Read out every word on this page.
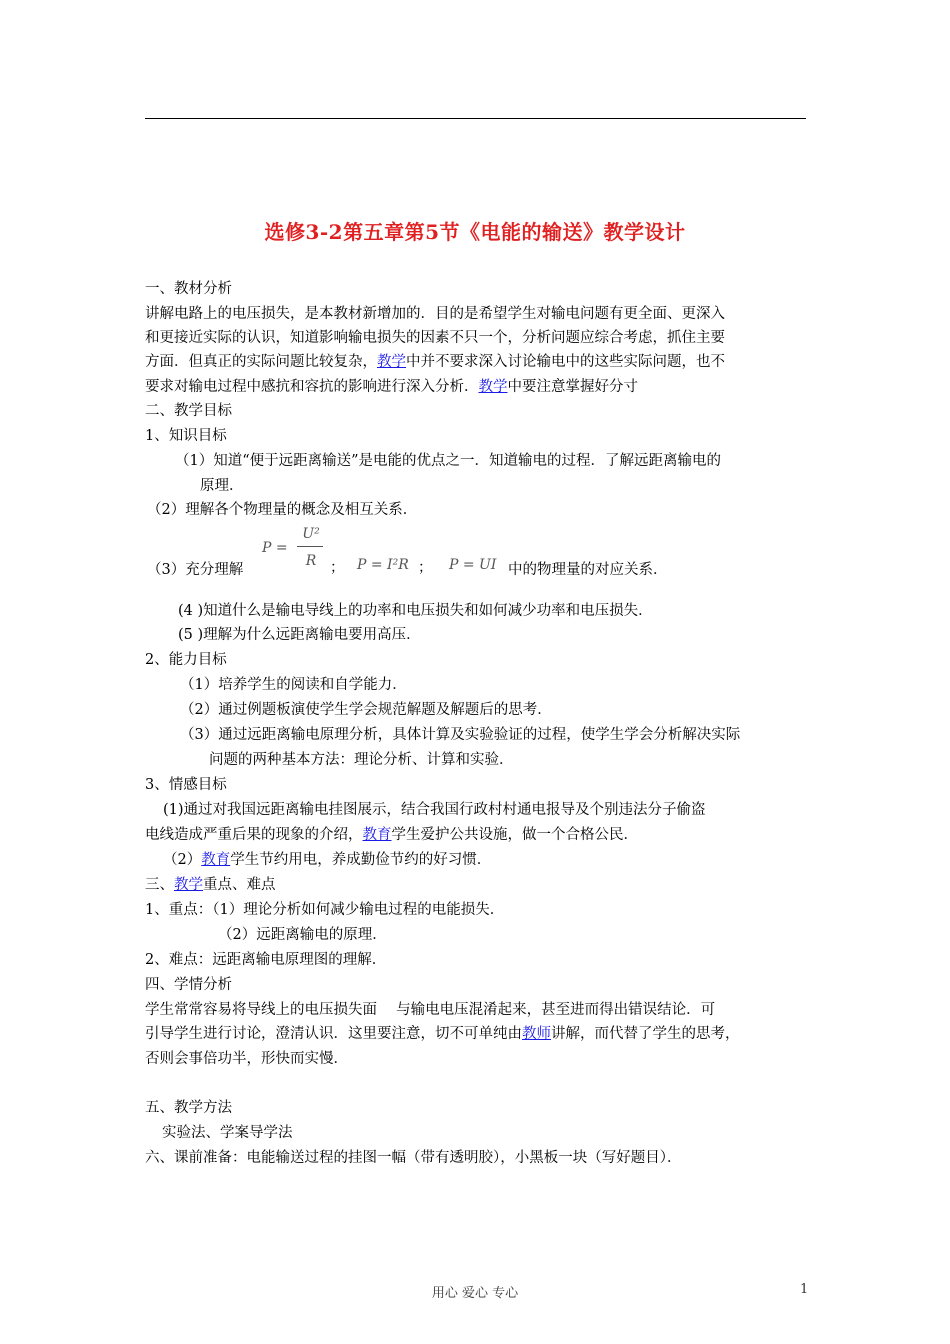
选修3-2第五章第5节《电能的输送》教学设计
一、教材分析
讲解电路上的电压损失，是本教材新增加的．目的是希望学生对输电问题有更全面、更深入
和更接近实际的认识，知道影响输电损失的因素不只一个，分析问题应综合考虑，抓住主要
方面．但真正的实际问题比较复杂，教学中并不要求深入讨论输电中的这些实际问题，也不
要求对输电过程中感抗和容抗的影响进行深入分析．教学中要注意掌握好分寸
二、教学目标
1、知识目标
（1）知道“便于远距离输送”是电能的优点之一．知道输电的过程．了解远距离输电的
原理．
（2）理解各个物理量的概念及相互关系．
（3）充分理解
P =
U²
R ； P = I²R ； P = UI 中的物理量的对应关系．
(4 )知道什么是输电导线上的功率和电压损失和如何减少功率和电压损失．
(5 )理解为什么远距离输电要用高压．
2、能力目标
（1）培养学生的阅读和自学能力．
（2）通过例题板演使学生学会规范解题及解题后的思考．
（3）通过远距离输电原理分析，具体计算及实验验证的过程，使学生学会分析解决实际
问题的两种基本方法：理论分析、计算和实验．
3、情感目标
(1)通过对我国远距离输电挂图展示，结合我国行政村村通电报导及个别违法分子偷盗
电线造成严重后果的现象的介绍，教育学生爱护公共设施，做一个合格公民．
（2）教育学生节约用电，养成勤俭节约的好习惯．
三、教学重点、难点
1、重点：（1）理论分析如何减少输电过程的电能损失．
（2）远距离输电的原理．
2、难点：远距离输电原理图的理解．
四、学情分析
学生常常容易将导线上的电压损失面　 与输电电压混淆起来，甚至进而得出错误结论．可
引导学生进行讨论，澄清认识．这里要注意，切不可单纯由教师讲解，而代替了学生的思考，
否则会事倍功半，形快而实慢．
五、教学方法
实验法、学案导学法
六、课前准备：电能输送过程的挂图一幅（带有透明胶），小黑板一块（写好题目）．
用心 爱心 专心	1
